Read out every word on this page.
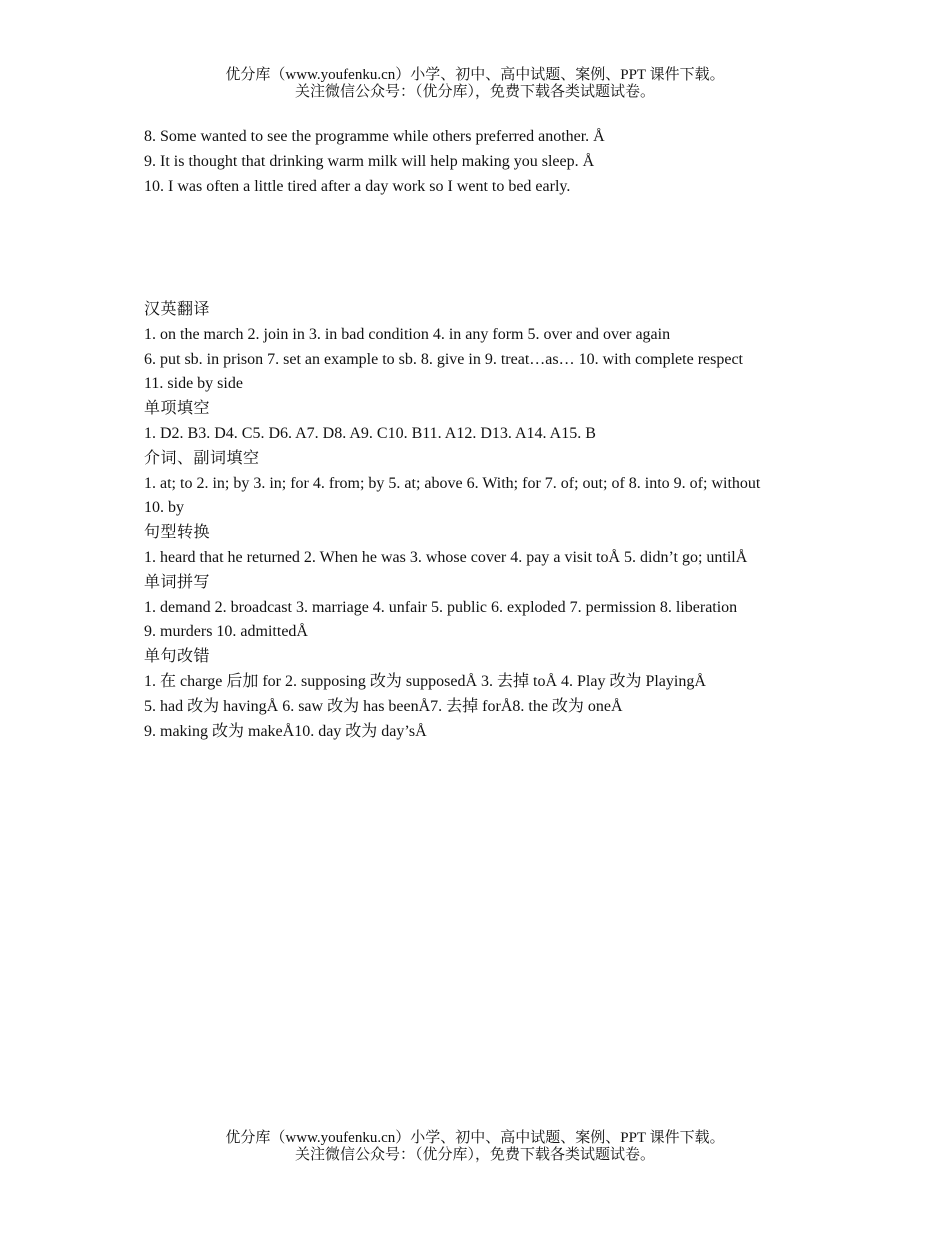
优分库（www.youfenku.cn）小学、初中、高中试题、案例、PPT 课件下载。
关注微信公众号：（优分库），免费下载各类试题试卷。
8. Some wanted to see the programme while others preferred another. Å
9. It is thought that drinking warm milk will help making you sleep. Å
10. I was often a little tired after a day work so I went to bed early.
汉英翻译
1. on the march 2. join in 3. in bad condition 4. in any form 5. over and over again
6. put sb. in prison 7. set an example to sb. 8. give in 9. treat…as… 10. with complete respect
11. side by side
单项填空
1. D2. B3. D4. C5. D6. A7. D8. A9. C10. B11. A12. D13. A14. A15. B
介词、副词填空
1. at; to 2. in; by 3. in; for 4. from; by 5. at; above 6. With; for 7. of; out; of 8. into 9. of; without
10. by
句型转换
1. heard that he returned 2. When he was 3. whose cover 4. pay a visit toÅ 5. didn’t go; untilÅ
单词拼写
1. demand 2. broadcast 3. marriage 4. unfair 5. public 6. exploded 7. permission 8. liberation
9. murders 10. admittedÅ
单句改错
1. 在 charge 后加 for 2. supposing 改为 supposedÅ 3. 去掉 toÅ 4. Play 改为 PlayingÅ
5. had 改为 havingÅ 6. saw 改为 has beenÅ7. 去掉 forÅ8. the 改为 oneÅ
9. making 改为 makeÅ10. day 改为 day’sÅ
优分库（www.youfenku.cn）小学、初中、高中试题、案例、PPT 课件下载。
关注微信公众号：（优分库），免费下载各类试题试卷。
